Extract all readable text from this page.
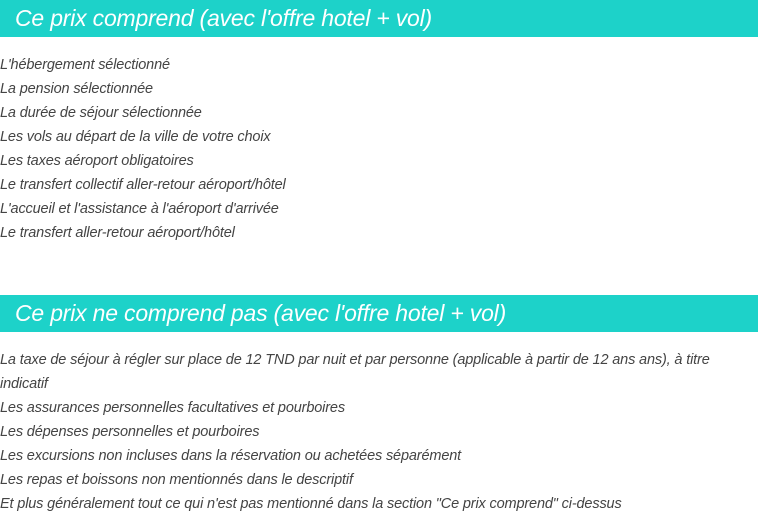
Ce prix comprend (avec l'offre hotel + vol)
L'hébergement sélectionné
La pension sélectionnée
La durée de séjour sélectionnée
Les vols au départ de la ville de votre choix
Les taxes aéroport obligatoires
Le transfert collectif aller-retour aéroport/hôtel
L'accueil et l'assistance à l'aéroport d'arrivée
Le transfert aller-retour aéroport/hôtel
Ce prix ne comprend pas (avec l'offre hotel + vol)
La taxe de séjour à régler sur place de 12 TND par nuit et par personne (applicable à partir de 12 ans ans), à titre indicatif
Les assurances personnelles facultatives et pourboires
Les dépenses personnelles et pourboires
Les excursions non incluses dans la réservation ou achetées séparément
Les repas et boissons non mentionnés dans le descriptif
Et plus généralement tout ce qui n'est pas mentionné dans la section "Ce prix comprend" ci-dessus
